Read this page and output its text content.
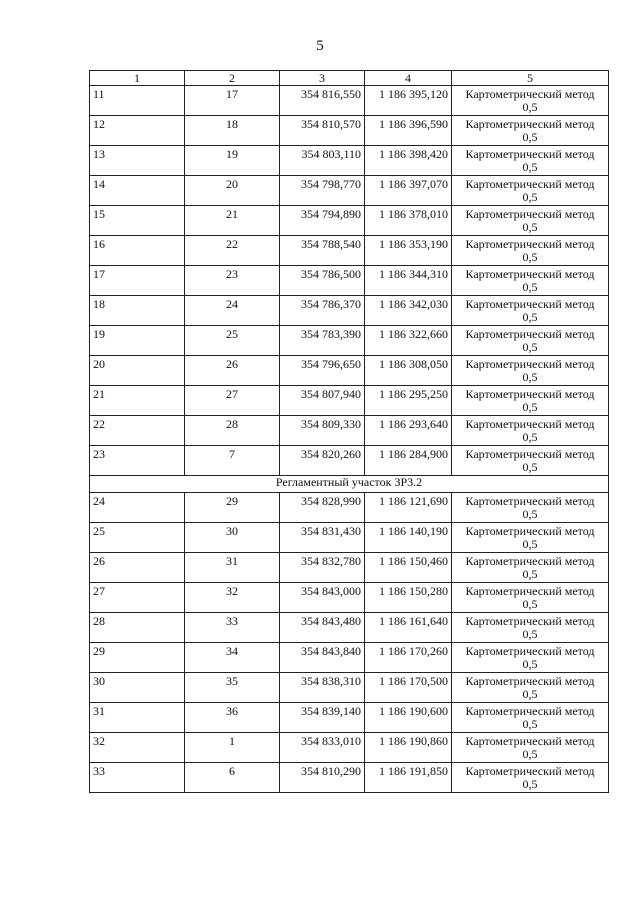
5
1	2	3	4	5

11	17	354 816,550	1 186 395,120	Картометрический метод
0,5

12	18	354 810,570	1 186 396,590	Картометрический метод
0,5

13	19	354 803,110	1 186 398,420	Картометрический метод
0,5

14	20	354 798,770	1 186 397,070	Картометрический метод
0,5

15	21	354 794,890	1 186 378,010	Картометрический метод
0,5

16	22	354 788,540	1 186 353,190	Картометрический метод
0,5

17	23	354 786,500	1 186 344,310	Картометрический метод
0,5

18	24	354 786,370	1 186 342,030	Картометрический метод
0,5

19	25	354 783,390	1 186 322,660	Картометрический метод
0,5

20	26	354 796,650	1 186 308,050	Картометрический метод
0,5

21	27	354 807,940	1 186 295,250	Картометрический метод
0,5

22	28	354 809,330	1 186 293,640	Картометрический метод
0,5

23	7	354 820,260	1 186 284,900	Картометрический метод
0,5

Регламентный участок ЗР3.2				

24	29	354 828,990	1 186 121,690	Картометрический метод
0,5

25	30	354 831,430	1 186 140,190	Картометрический метод
0,5

26	31	354 832,780	1 186 150,460	Картометрический метод
0,5

27	32	354 843,000	1 186 150,280	Картометрический метод
0,5

28	33	354 843,480	1 186 161,640	Картометрический метод
0,5

29	34	354 843,840	1 186 170,260	Картометрический метод
0,5

30	35	354 838,310	1 186 170,500	Картометрический метод
0,5

31	36	354 839,140	1 186 190,600	Картометрический метод
0,5

32	1	354 833,010	1 186 190,860	Картометрический метод
0,5

33	6	354 810,290	1 186 191,850	Картометрический метод
0,5
